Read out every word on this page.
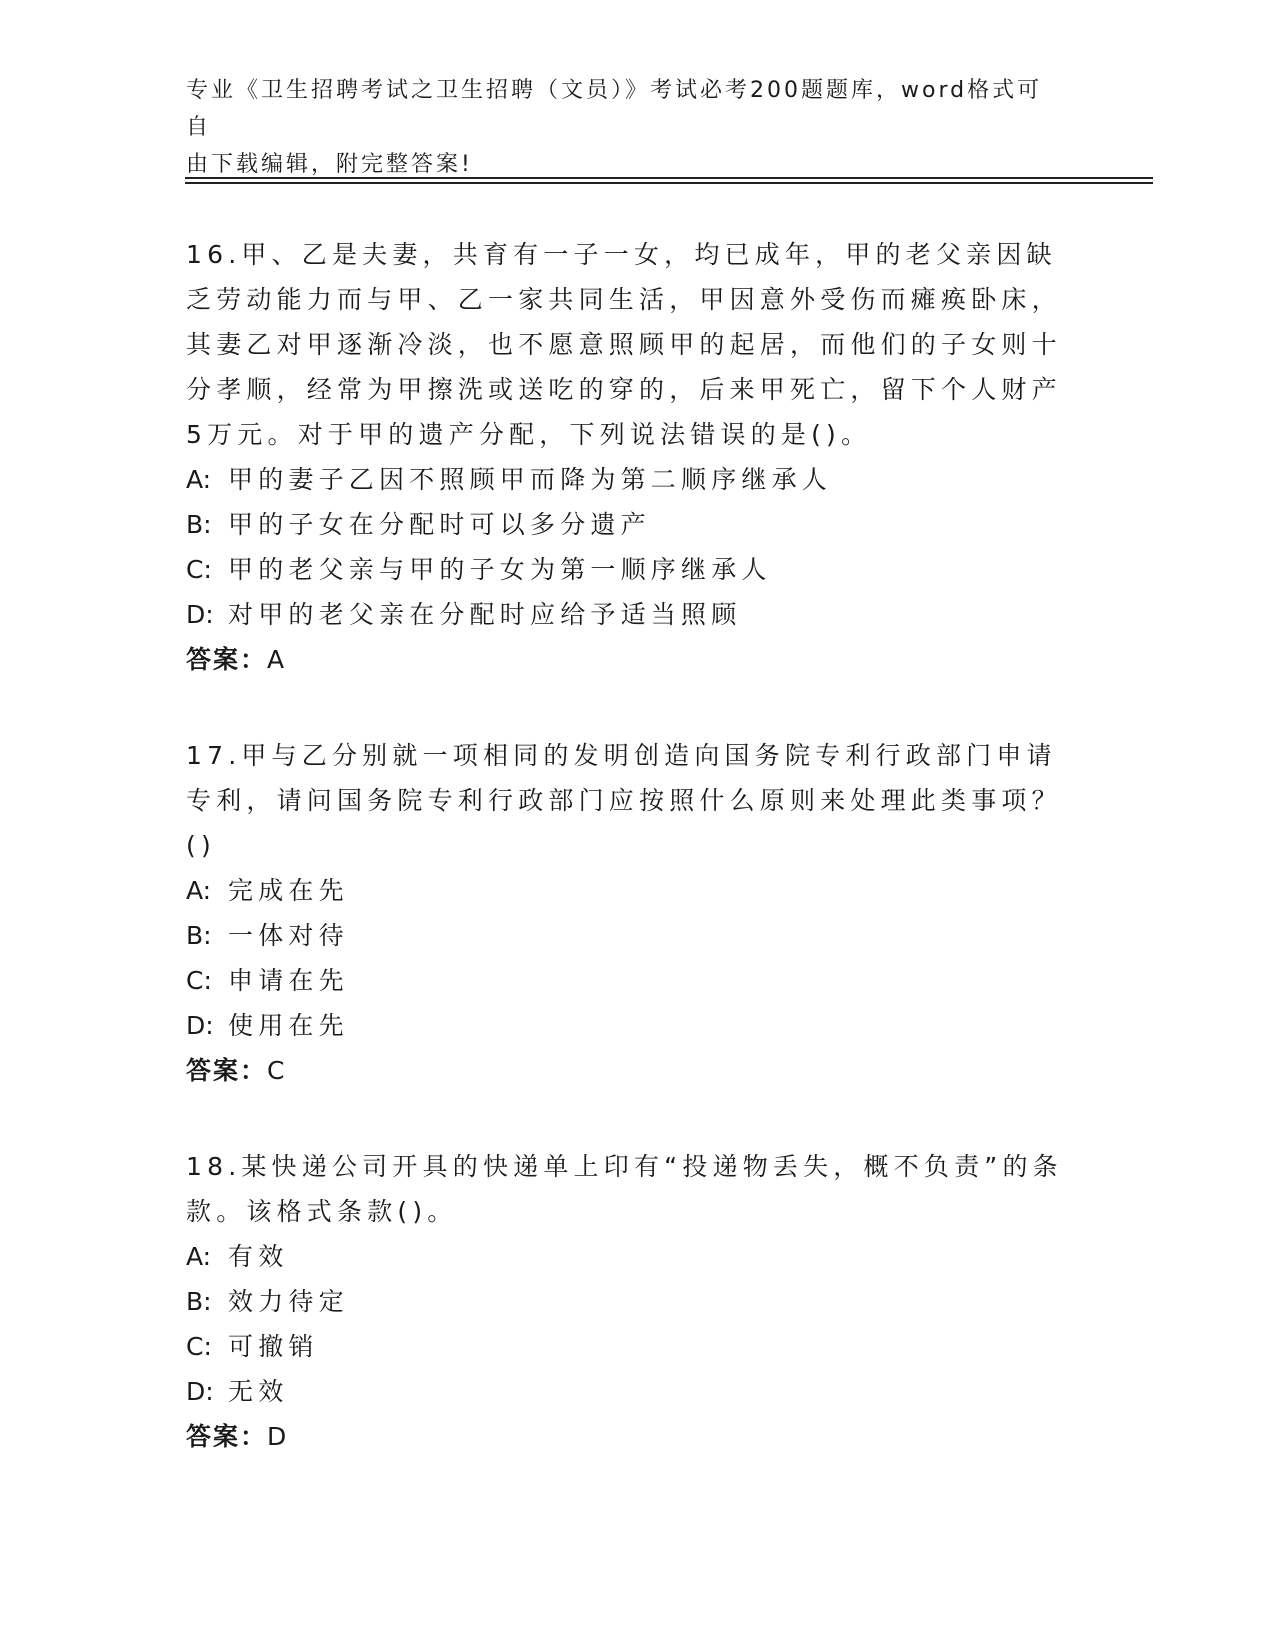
专业《卫生招聘考试之卫生招聘（文员）》考试必考200题题库，word格式可自
由下载编辑，附完整答案!

16.甲、乙是夫妻，共育有一子一女，均已成年，甲的老父亲因缺乏劳动能力而与甲、乙一家共同生活，甲因意外受伤而瘫痪卧床，其妻乙对甲逐渐冷淡，也不愿意照顾甲的起居，而他们的子女则十分孝顺，经常为甲擦洗或送吃的穿的，后来甲死亡，留下个人财产5万元。对于甲的遗产分配，下列说法错误的是()。

A: 甲的妻子乙因不照顾甲而降为第二顺序继承人
B: 甲的子女在分配时可以多分遗产
C: 甲的老父亲与甲的子女为第一顺序继承人
D: 对甲的老父亲在分配时应给予适当照顾
答案：A

17.甲与乙分别就一项相同的发明创造向国务院专利行政部门申请专利，请问国务院专利行政部门应按照什么原则来处理此类事项？()

A: 完成在先
B: 一体对待
C: 申请在先
D: 使用在先
答案：C

18.某快递公司开具的快递单上印有“投递物丢失，概不负责”的条款。该格式条款()。

A: 有效
B: 效力待定
C: 可撤销
D: 无效
答案：D
